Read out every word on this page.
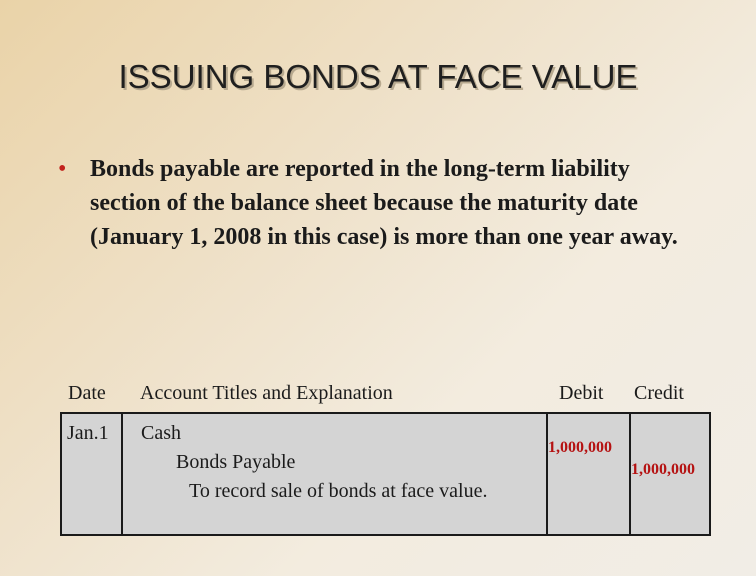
ISSUING BONDS AT FACE VALUE
• Bonds payable are reported in the long-term liability section of the balance sheet because the maturity date (January 1, 2008 in this case) is more than one year away.
Date Account Titles and Explanation	Debit Credit
Jan.1 Cash
Bonds Payable
To record sale of bonds at face value.
1,000,000
1,000,000
